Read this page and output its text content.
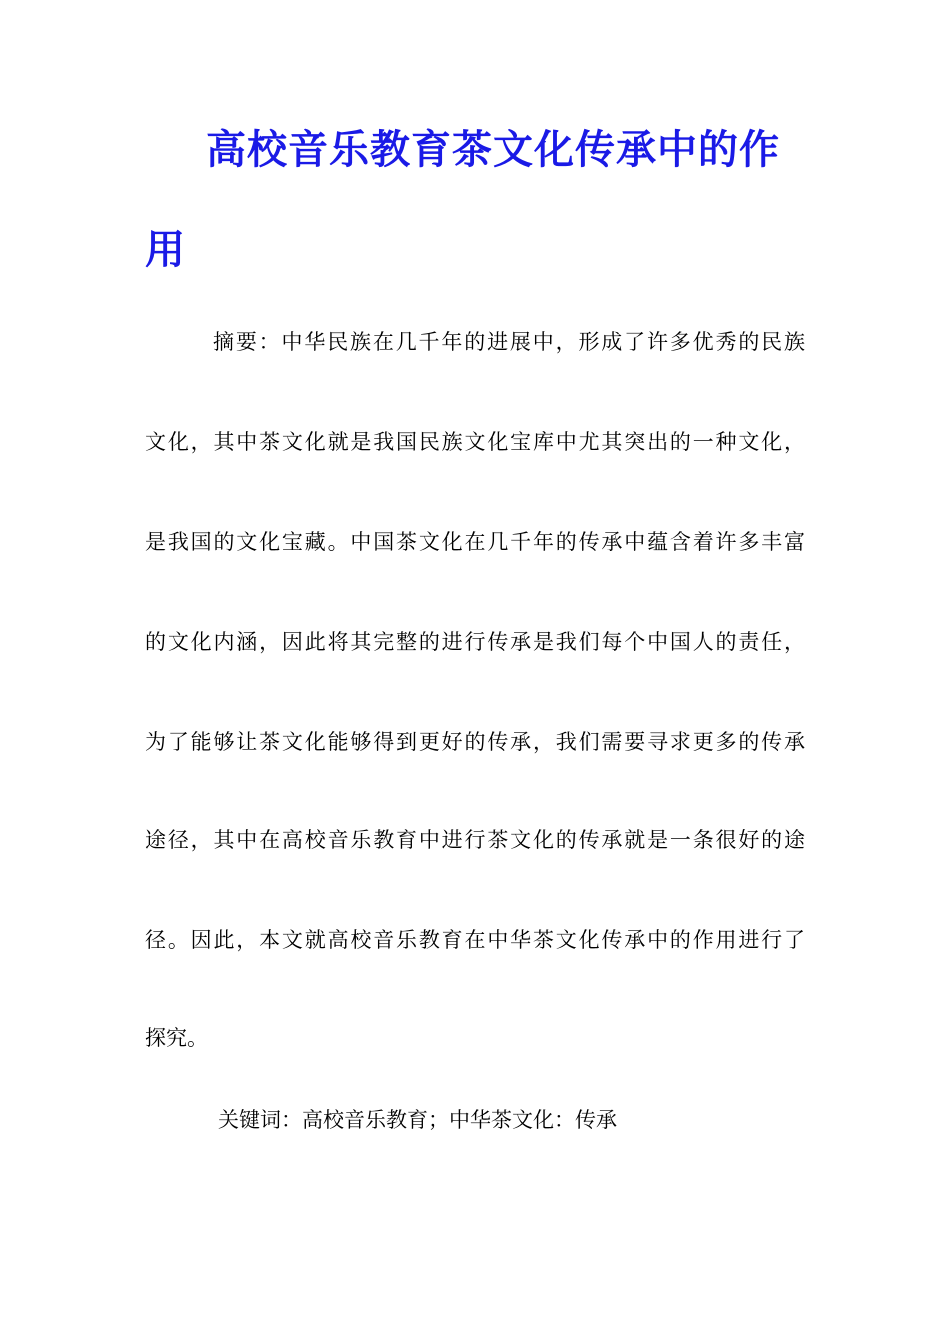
高校音乐教育茶文化传承中的作
用
摘要：中华民族在几千年的进展中，形成了许多优秀的民族
文化，其中茶文化就是我国民族文化宝库中尤其突出的一种文化，
是我国的文化宝藏。中国茶文化在几千年的传承中蕴含着许多丰富
的文化内涵，因此将其完整的进行传承是我们每个中国人的责任，
为了能够让茶文化能够得到更好的传承，我们需要寻求更多的传承
途径，其中在高校音乐教育中进行茶文化的传承就是一条很好的途
径。因此，本文就高校音乐教育在中华茶文化传承中的作用进行了
探究。
关键词：高校音乐教育；中华茶文化：传承
